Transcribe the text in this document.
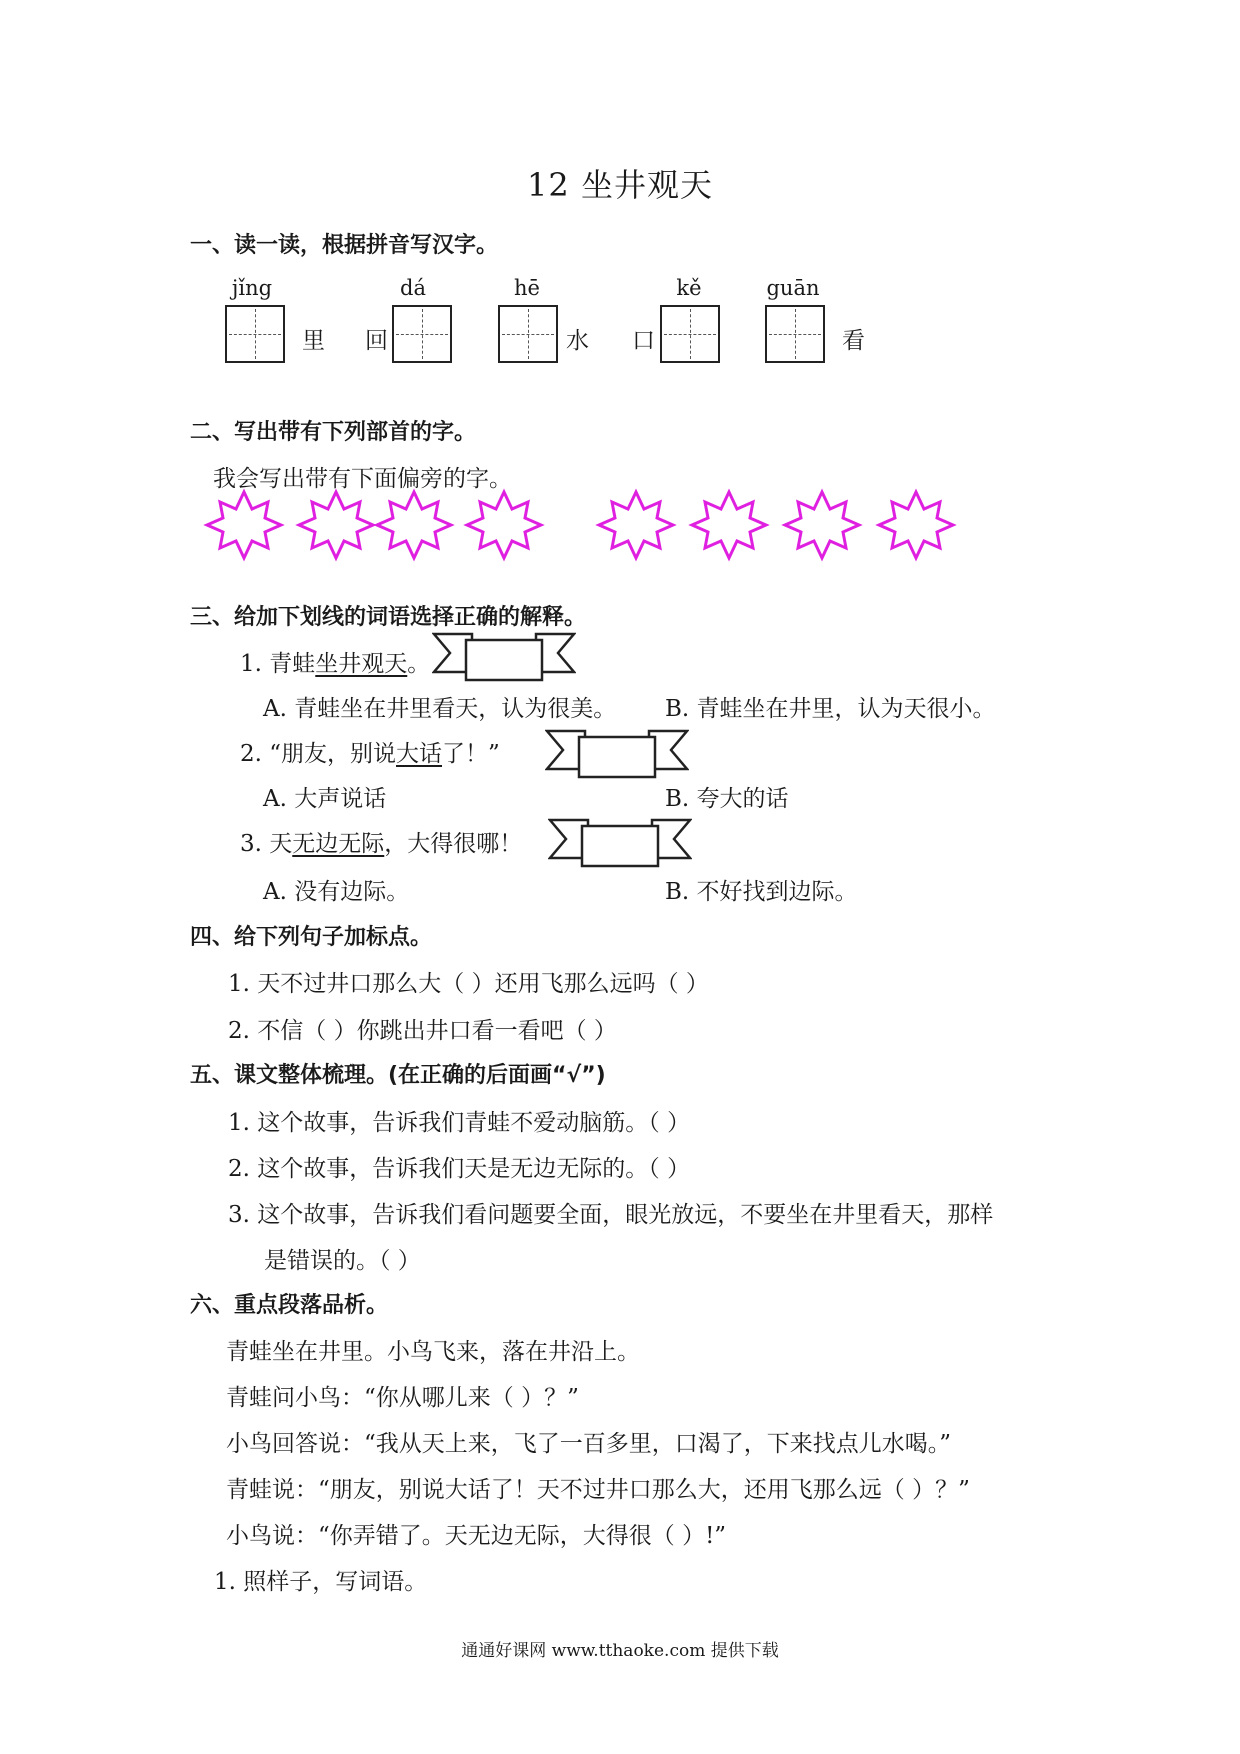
12 坐井观天
一、读一读，根据拼音写汉字。
jǐng
里 回
dá	hē
水 口
kě	guān
看
二、写出带有下列部首的字。
我会写出带有下面偏旁的字。
三、给加下划线的词语选择正确的解释。
1. 青蛙坐井观天。
A. 青蛙坐在井里看天，认为很美。 B. 青蛙坐在井里，认为天很小。
2. “朋友，别说大话了！”
A. 大声说话	B. 夸大的话
3. 天无边无际，大得很哪！
A. 没有边际。	B. 不好找到边际。
四、给下列句子加标点。
1. 天不过井口那么大（ ）还用飞那么远吗（ ）
2. 不信（ ）你跳出井口看一看吧（ ）
五、课文整体梳理。(在正确的后面画“√”)
1. 这个故事，告诉我们青蛙不爱动脑筋。（ ）
2. 这个故事，告诉我们天是无边无际的。（ ）
3. 这个故事，告诉我们看问题要全面，眼光放远，不要坐在井里看天，那样
是错误的。（ ）
六、重点段落品析。
青蛙坐在井里。小鸟飞来，落在井沿上。
青蛙问小鸟：“你从哪儿来（ ）？”
小鸟回答说：“我从天上来，飞了一百多里，口渴了，下来找点儿水喝。”
青蛙说：“朋友，别说大话了！天不过井口那么大，还用飞那么远（ ）？”
小鸟说：“你弄错了。天无边无际，大得很（ ）!”
1. 照样子，写词语。
通通好课网 www.tthaoke.com 提供下载
